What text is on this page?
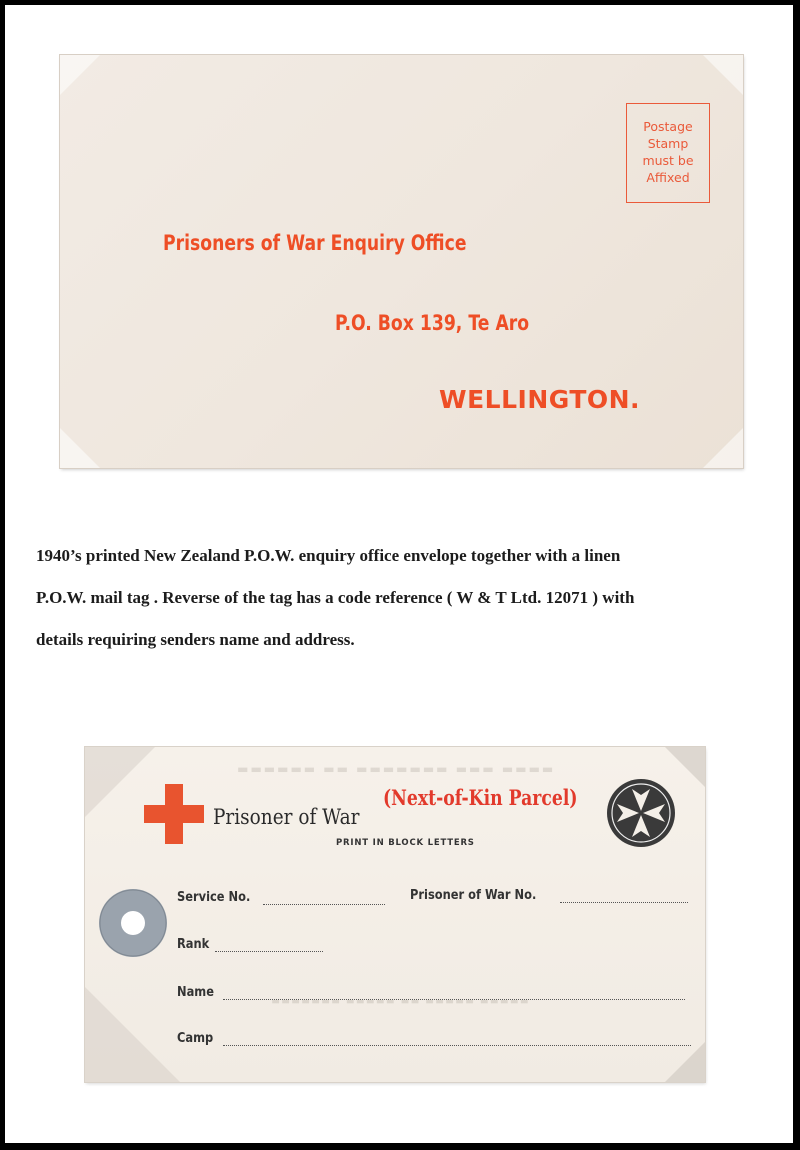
Postage
Stamp
must be
Affixed
Prisoners of War Enquiry Office
P.O. Box 139, Te Aro
WELLINGTON.
1940’s printed New Zealand P.O.W. enquiry office envelope together with a linen
P.O.W. mail tag . Reverse of the tag has a code reference ( W & T Ltd. 12071 ) with
details requiring senders name and address.
▬▬▬▬ ▬▬▬ ▬▬▬▬▬▬▬ ▬▬ ▬▬▬▬▬▬
Prisoner of War
(Next-of-Kin Parcel)
PRINT IN BLOCK LETTERS
Service No.	Prisoner of War No.
Rank
Name
Camp
▬▬▬▬▬ ▬▬▬▬▬ ▬▬ ▬▬▬▬▬ ▬▬▬▬▬▬▬
